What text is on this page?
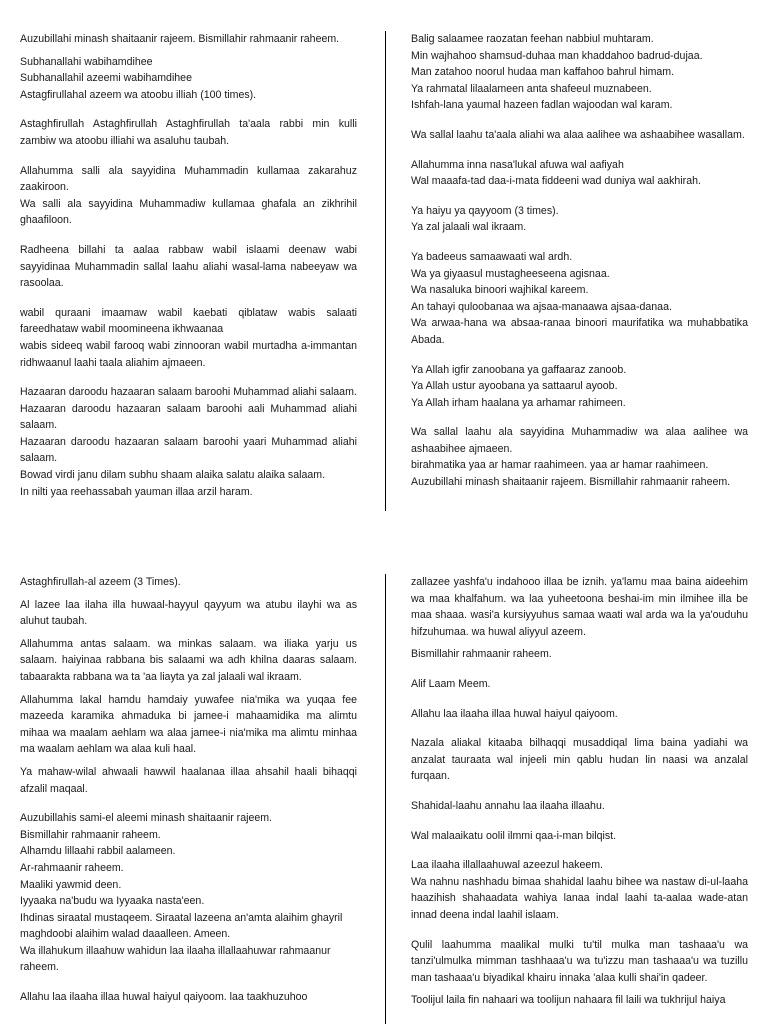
Auzubillahi minash shaitaanir rajeem. Bismillahir rahmaanir raheem.

Subhanallahi wabihamdihee
Subhanallahil azeemi wabihamdihee
Astagfirullahal azeem wa atoobu illiah (100 times).

Astaghfirullah Astaghfirullah Astaghfirullah ta'aala rabbi min kulli zambiw wa atoobu illiahi wa asaluhu taubah.

Allahumma salli ala sayyidina Muhammadin kullamaa zakarahuz zaakiroon.
Wa salli ala sayyidina Muhammadiw kullamaa ghafala an zikhrihil ghaafiloon.

Radheena billahi ta aalaa rabbaw wabil islaami deenaw wabi sayyidinaa Muhammadin sallal laahu aliahi wasal-lama nabeeyaw wa rasoolaa.

wabil quraani imaamaw wabil kaebati qiblataw wabis salaati fareedhataw wabil moomineena ikhwaanaa
wabis sideeq wabil farooq wabi zinnooran wabil murtadha a-immantan ridhwaanul laahi taala aliahim ajmaeen.

Hazaaran daroodu hazaaran salaam baroohi Muhammad aliahi salaam.
Hazaaran daroodu hazaaran salaam baroohi aali Muhammad aliahi salaam.
Hazaaran daroodu hazaaran salaam baroohi yaari Muhammad aliahi salaam.
Bowad virdi janu dilam subhu shaam alaika salatu alaika salaam.
In nilti yaa reehassabah yauman illaa arzil haram.

Balig salaamee raozatan feehan nabbiul muhtaram.
Min wajhahoo shamsud-duhaa man khaddahoo badrud-dujaa.
Man zatahoo noorul hudaa man kaffahoo bahrul himam.
Ya rahmatal lilaalameen anta shafeeul muznabeen.
Ishfah-lana yaumal hazeen fadlan wajoodan wal karam.

Wa sallal laahu ta'aala aliahi wa alaa aalihee wa ashaabihee wasallam.

Allahumma inna nasa'lukal afuwa wal aafiyah
Wal maaafa-tad daa-i-mata fiddeeni wad duniya wal aakhirah.

Ya haiyu ya qayyoom (3 times).
Ya zal jalaali wal ikraam.

Ya badeeus samaawaati wal ardh.
Wa ya giyaasul mustagheeseena agisnaa.
Wa nasaluka binoori wajhikal kareem.
An tahayi quloobanaa wa ajsaa-manaawa ajsaa-danaa.
Wa arwaa-hana wa absaa-ranaa binoori maurifatika wa muhabbatika Abada.

Ya Allah igfir zanoobana ya gaffaaraz zanoob.
Ya Allah ustur ayoobana ya sattaarul ayoob.
Ya Allah irham haalana ya arhamar rahimeen.

Wa sallal laahu ala sayyidina Muhammadiw wa alaa aalihee wa ashaabihee ajmaeen.
birahmatika yaa ar hamar raahimeen. yaa ar hamar raahimeen.
Auzubillahi minash shaitaanir rajeem. Bismillahir rahmaanir raheem.

Astaghfirullah-al azeem (3 Times).

Al lazee laa ilaha illa huwaal-hayyul qayyum wa atubu ilayhi wa as aluhut taubah.

Allahumma antas salaam. wa minkas salaam. wa iliaka yarju us salaam. haiyinaa rabbana bis salaami wa adh khilna daaras salaam. tabaarakta rabbana wa ta 'aa liayta ya zal jalaali wal ikraam.

Allahumma lakal hamdu hamdaiy yuwafee nia'mika wa yuqaa fee mazeeda karamika ahmaduka bi jamee-i mahaamidika ma alimtu mihaa wa maalam aehlam wa alaa jamee-i nia'mika ma alimtu minhaa ma waalam aehlam wa alaa kuli haal.

Ya mahaw-wilal ahwaali hawwil haalanaa illaa ahsahil haali bihaqqi afzalil maqaal.

Auzubillahis sami-el aleemi minash shaitaanir rajeem.
Bismillahir rahmaanir raheem.
Alhamdu lillaahi rabbil aalameen.
Ar-rahmaanir raheem.
Maaliki yawmid deen.
Iyyaaka na'budu wa Iyyaaka nasta'een.
Ihdinas siraatal mustaqeem. Siraatal lazeena an'amta alaihim ghayril maghdoobi alaihim walad daaalleen. Ameen.
Wa illahukum illaahuw wahidun laa ilaaha illallaahuwar rahmaanur raheem.

Allahu laa ilaaha illaa huwal haiyul qaiyoom. laa taakhuzuhoo

zallazee yashfa'u indahooo illaa be iznih. ya'lamu maa baina aideehim wa maa khalfahum. wa laa yuheetoona beshai-im min ilmihee illa be maa shaaa. wasi'a kursiyyuhus samaa waati wal arda wa la ya'ouduhu hifzuhumaa. wa huwal aliyyul azeem.

Bismillahir rahmaanir raheem.

Alif Laam Meem.

Allahu laa ilaaha illaa huwal haiyul qaiyoom.

Nazala aliakal kitaaba bilhaqqi musaddiqal lima baina yadiahi wa anzalat tauraata wal injeeli min qablu hudan lin naasi wa anzalal furqaan.

Shahidal-laahu annahu laa ilaaha illaahu.

Wal malaaikatu oolil ilmmi qaa-i-man bilqist.

Laa ilaaha illallaahuwal azeezul hakeem.
Wa nahnu nashhadu bimaa shahidal laahu bihee wa nastaw di-ul-laaha haazihish shahaadata wahiya lanaa indal laahi ta-aalaa wade-atan innad deena indal laahil islaam.

Qulil laahumma maalikal mulki tu'til mulka man tashaaa'u wa tanzi'ulmulka mimman tashhaaa'u wa tu'izzu man tashaaa'u wa tuzillu man tashaaa'u biyadikal khairu innaka 'alaa kulli shai'in qadeer.

Toolijul laila fin nahaari wa toolijun nahaara fil laili wa tukhrijul haiya
